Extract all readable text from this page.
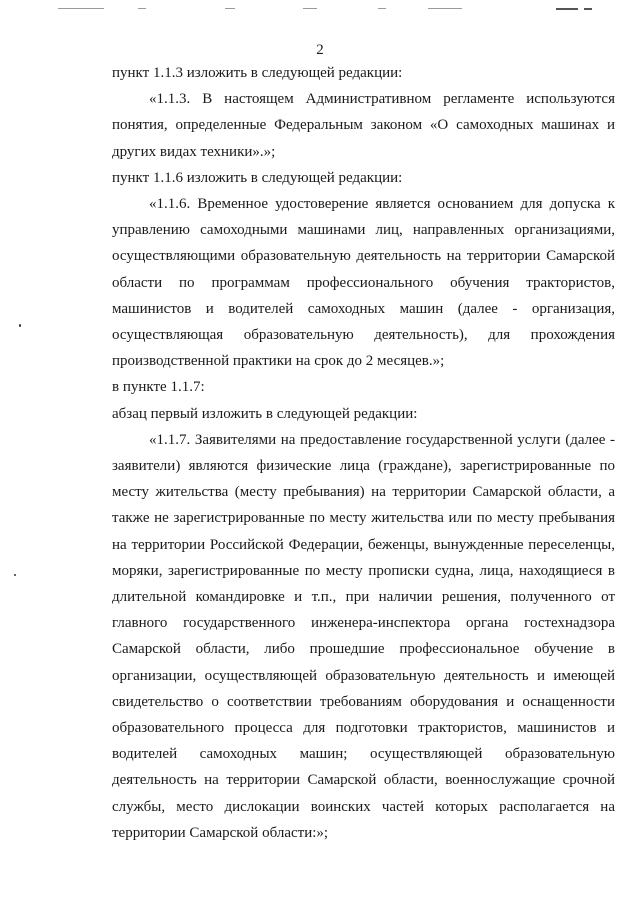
2

пункт 1.1.3 изложить в следующей редакции:

«1.1.3. В настоящем Административном регламенте используются понятия, определенные Федеральным законом «О самоходных машинах и других видах техники».»;

пункт 1.1.6 изложить в следующей редакции:

«1.1.6. Временное удостоверение является основанием для допуска к управлению самоходными машинами лиц, направленных организациями, осуществляющими образовательную деятельность на территории Самарской области по программам профессионального обучения трактористов, машинистов и водителей самоходных машин (далее - организация, осуществляющая образовательную деятельность), для прохождения производственной практики на срок до 2 месяцев.»;

в пункте 1.1.7:

абзац первый изложить в следующей редакции:

«1.1.7. Заявителями на предоставление государственной услуги (далее - заявители) являются физические лица (граждане), зарегистрированные по месту жительства (месту пребывания) на территории Самарской области, а также не зарегистрированные по месту жительства или по месту пребывания на территории Российской Федерации, беженцы, вынужденные переселенцы, моряки, зарегистрированные по месту прописки судна, лица, находящиеся в длительной командировке и т.п., при наличии решения, полученного от главного государственного инженера-инспектора органа гостехнадзора Самарской области, либо прошедшие профессиональное обучение в организации, осуществляющей образовательную деятельность и имеющей свидетельство о соответствии требованиям оборудования и оснащенности образовательного процесса для подготовки трактористов, машинистов и водителей самоходных машин; осуществляющей образовательную деятельность на территории Самарской области, военнослужащие срочной службы, место дислокации воинских частей которых располагается на территории Самарской области:»;
